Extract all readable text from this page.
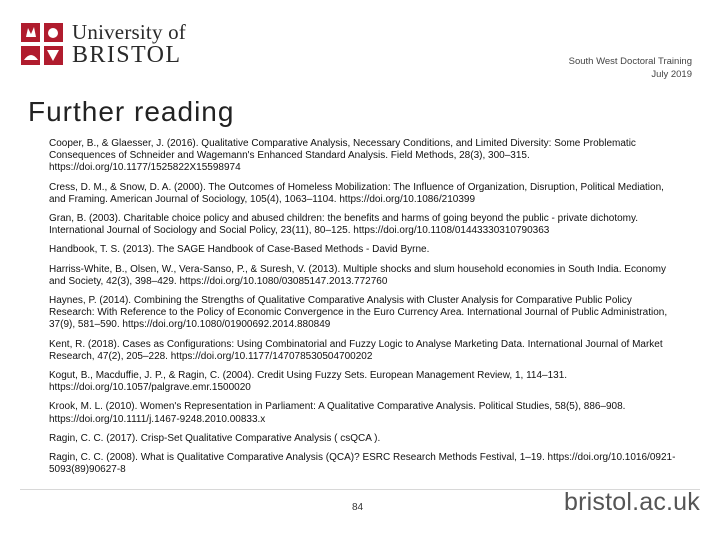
University of
BRISTOL	South West Doctoral Training
July 2019
Further reading

Cooper, B., & Glaesser, J. (2016). Qualitative Comparative Analysis, Necessary Conditions, and Limited Diversity: Some Problematic Consequences of Schneider and Wagemann's Enhanced Standard Analysis. Field Methods, 28(3), 300–315. https://doi.org/10.1177/1525822X15598974

Cress, D. M., & Snow, D. A. (2000). The Outcomes of Homeless Mobilization: The Influence of Organization, Disruption, Political Mediation, and Framing. American Journal of Sociology, 105(4), 1063–1104. https://doi.org/10.1086/210399

Gran, B. (2003). Charitable choice policy and abused children: the benefits and harms of going beyond the public - private dichotomy. International Journal of Sociology and Social Policy, 23(11), 80–125. https://doi.org/10.1108/01443330310790363

Handbook, T. S. (2013). The SAGE Handbook of Case-Based Methods - David Byrne.

Harriss-White, B., Olsen, W., Vera-Sanso, P., & Suresh, V. (2013). Multiple shocks and slum household economies in South India. Economy and Society, 42(3), 398–429. https://doi.org/10.1080/03085147.2013.772760

Haynes, P. (2014). Combining the Strengths of Qualitative Comparative Analysis with Cluster Analysis for Comparative Public Policy Research: With Reference to the Policy of Economic Convergence in the Euro Currency Area. International Journal of Public Administration, 37(9), 581–590. https://doi.org/10.1080/01900692.2014.880849

Kent, R. (2018). Cases as Configurations: Using Combinatorial and Fuzzy Logic to Analyse Marketing Data. International Journal of Market Research, 47(2), 205–228. https://doi.org/10.1177/147078530504700202

Kogut, B., Macduffie, J. P., & Ragin, C. (2004). Credit Using Fuzzy Sets. European Management Review, 1, 114–131. https://doi.org/10.1057/palgrave.emr.1500020

Krook, M. L. (2010). Women's Representation in Parliament: A Qualitative Comparative Analysis. Political Studies, 58(5), 886–908. https://doi.org/10.1111/j.1467-9248.2010.00833.x

Ragin, C. C. (2017). Crisp-Set Qualitative Comparative Analysis ( csQCA ).

Ragin, C. C. (2008). What is Qualitative Comparative Analysis (QCA)? ESRC Research Methods Festival, 1–19. https://doi.org/10.1016/0921-5093(89)90627-8

84	bristol.ac.uk
